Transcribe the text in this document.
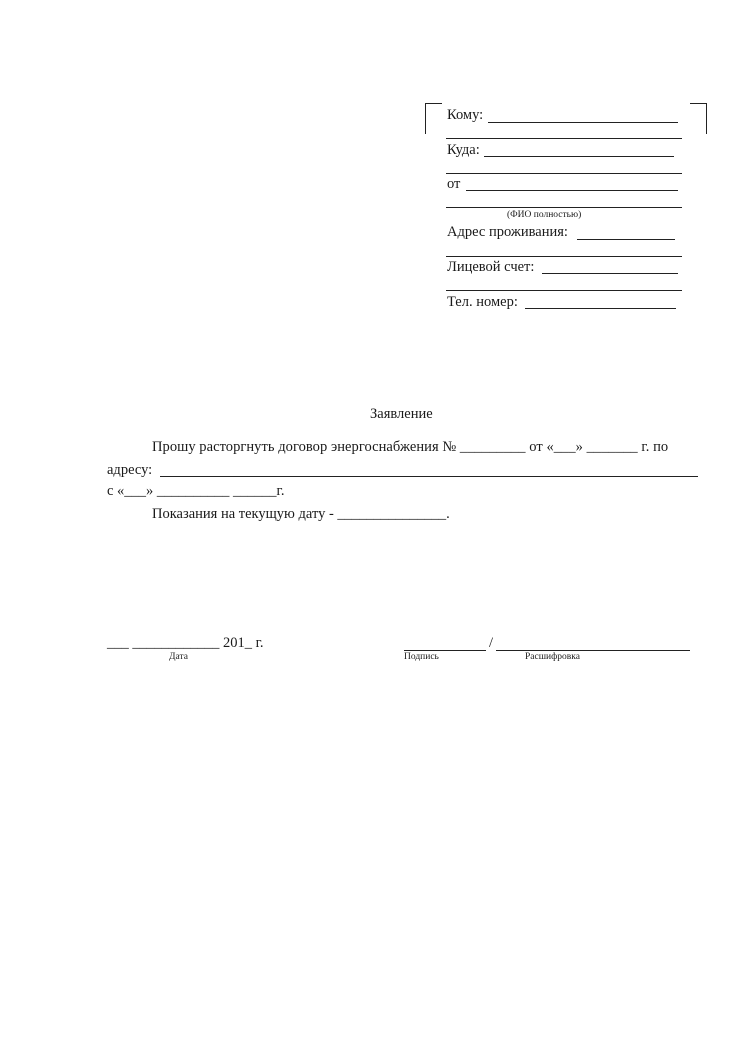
Кому:
Куда:
от
(ФИО полностью)
Адрес проживания:
Лицевой счет:
Тел. номер:
Заявление
Прошу расторгнуть договор энергоснабжения № _________ от «___» _______ г. по
адресу:
с «___» __________ ______г.
Показания на текущую дату - _______________.
___ ____________ 201_ г.
Дата
/
Подпись	Расшифровка
